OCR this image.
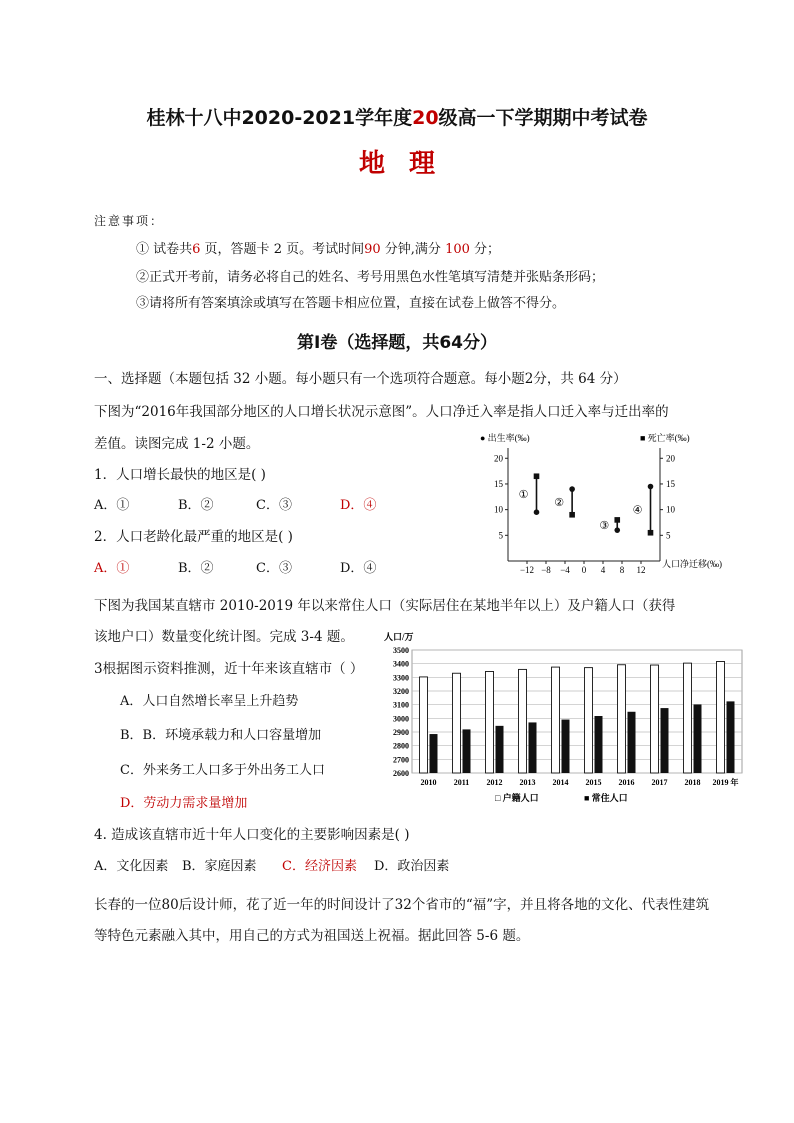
桂林十八中2020-2021学年度20级高一下学期期中考试卷
地理
注意事项：
① 试卷共6 页，答题卡 2 页。考试时间90 分钟,满分 100 分；
②正式开考前，请务必将自己的姓名、考号用黑色水性笔填写清楚并张贴条形码；
③请将所有答案填涂或填写在答题卡相应位置，直接在试卷上做答不得分。
第Ⅰ卷（选择题，共64分）
一、选择题（本题包括 32 小题。每小题只有一个选项符合题意。每小题2分，共 64 分）
下图为“2016年我国部分地区的人口增长状况示意图”。人口净迁入率是指人口迁入率与迁出率的
差值。读图完成 1-2 小题。
1．人口增长最快的地区是( )
A．①	B．②	C．③	D．④
2．人口老龄化最严重的地区是( )
A．①	B．②	C．③	D．④
● 出生率(‰)	■ 死亡率(‰)
人口净迁移(‰)
5	5
10	10
15	15
20	20
−12 −8 −4 0 4 8 12
①
②
③
④
下图为我国某直辖市 2010-2019 年以来常住人口（实际居住在某地半年以上）及户籍人口（获得
该地户口）数量变化统计图。完成 3-4 题。
3根据图示资料推测，近十年来该直辖市（ ）
A．人口自然增长率呈上升趋势
B．B．环境承载力和人口容量增加
C．外来务工人口多于外出务工人口
D．劳动力需求量增加
4. 造成该直辖市近十年人口变化的主要影响因素是( )
A．文化因素 B．家庭因素 C．经济因素 D．政治因素
人口/万
2600
2700
2800
2900
3000
3100
3200
3300
3400
3500
2010 2011 2012 2013 2014 2015 2016 2017 2018 2019 年
□ 户籍人口	■ 常住人口
长春的一位80后设计师，花了近一年的时间设计了32个省市的“福”字，并且将各地的文化、代表性建筑
等特色元素融入其中，用自己的方式为祖国送上祝福。据此回答 5-6 题。
